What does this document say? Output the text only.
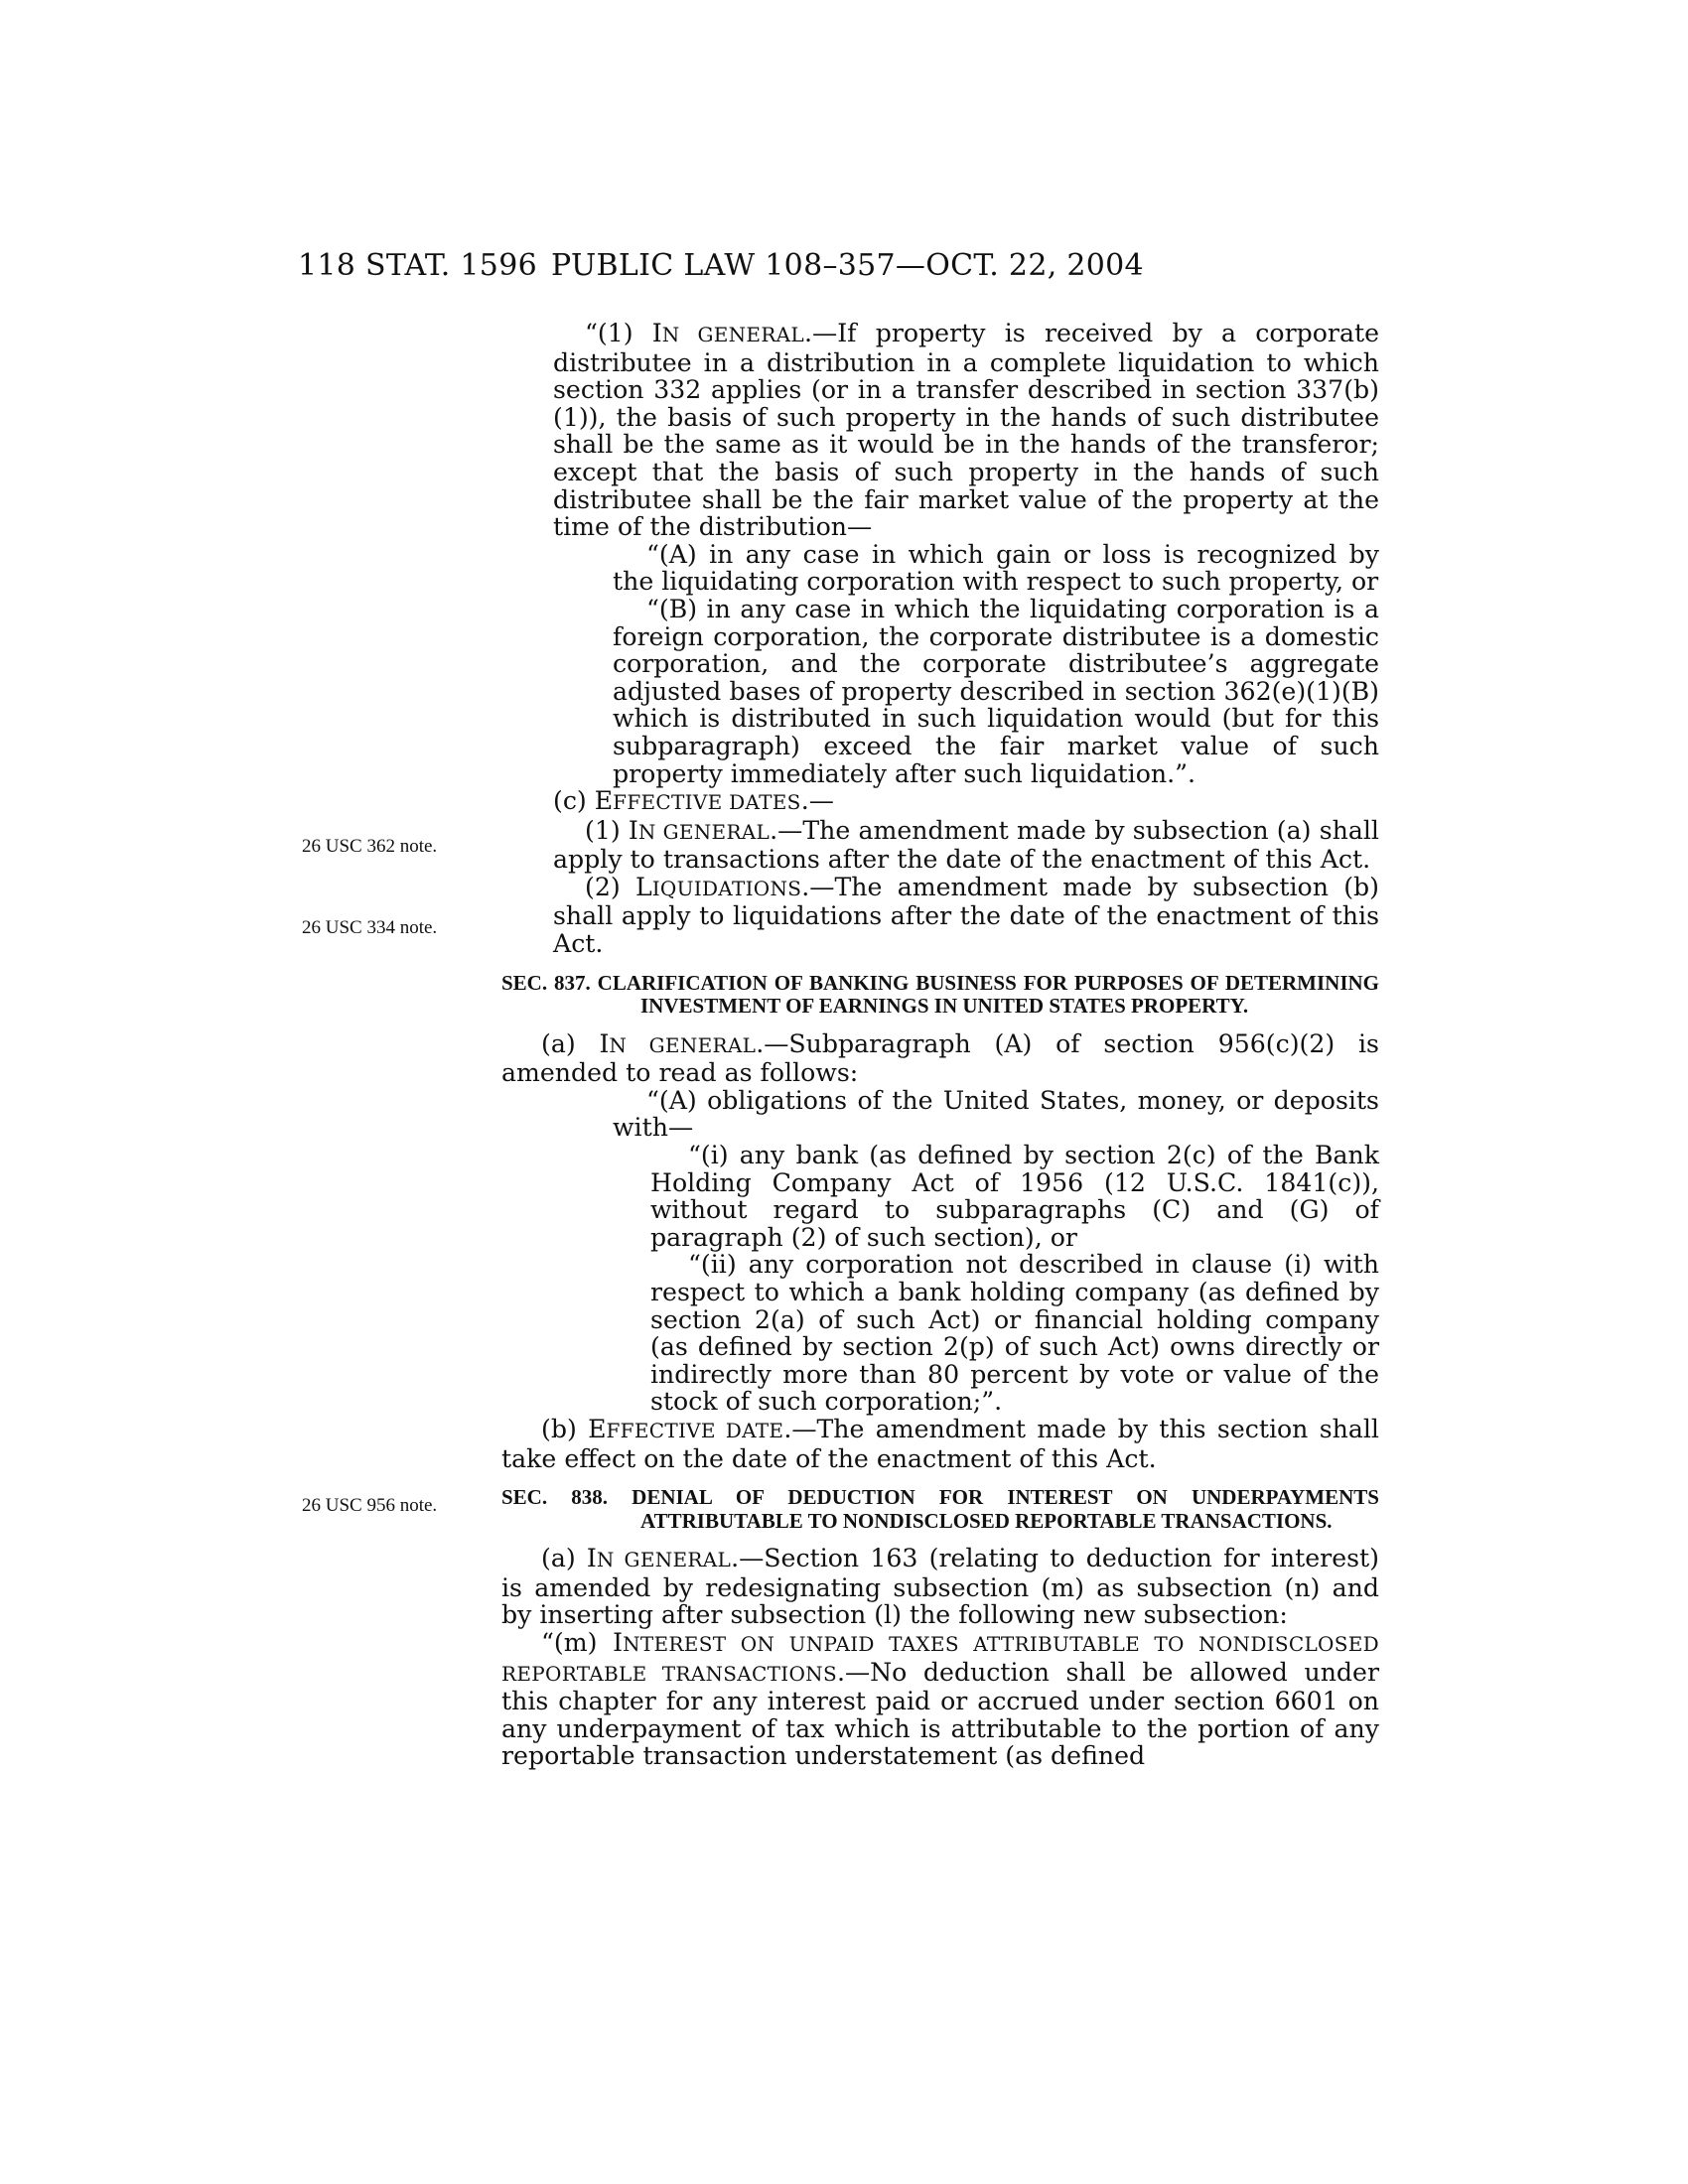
118 STAT. 1596 PUBLIC LAW 108–357—OCT. 22, 2004
26 USC 362 note.
26 USC 334 note.
26 USC 956 note.

“(1) IN GENERAL.—If property is received by a corporate distributee in a distribution in a complete liquidation to which section 332 applies (or in a transfer described in section 337(b)(1)), the basis of such property in the hands of such distributee shall be the same as it would be in the hands of the transferor; except that the basis of such property in the hands of such distributee shall be the fair market value of the property at the time of the distribution—

“(A) in any case in which gain or loss is recognized by the liquidating corporation with respect to such property, or

“(B) in any case in which the liquidating corporation is a foreign corporation, the corporate distributee is a domestic corporation, and the corporate distributee’s aggregate adjusted bases of property described in section 362(e)(1)(B) which is distributed in such liquidation would (but for this subparagraph) exceed the fair market value of such property immediately after such liquidation.”.

(c) EFFECTIVE DATES.—

(1) IN GENERAL.—The amendment made by subsection (a) shall apply to transactions after the date of the enactment of this Act.

(2) LIQUIDATIONS.—The amendment made by subsection (b) shall apply to liquidations after the date of the enactment of this Act.

SEC. 837. CLARIFICATION OF BANKING BUSINESS FOR PURPOSES OF DETERMINING INVESTMENT OF EARNINGS IN UNITED STATES PROPERTY.

(a) IN GENERAL.—Subparagraph (A) of section 956(c)(2) is amended to read as follows:

“(A) obligations of the United States, money, or deposits with—

“(i) any bank (as defined by section 2(c) of the Bank Holding Company Act of 1956 (12 U.S.C. 1841(c)), without regard to subparagraphs (C) and (G) of paragraph (2) of such section), or

“(ii) any corporation not described in clause (i) with respect to which a bank holding company (as defined by section 2(a) of such Act) or financial holding company (as defined by section 2(p) of such Act) owns directly or indirectly more than 80 percent by vote or value of the stock of such corporation;”.

(b) EFFECTIVE DATE.—The amendment made by this section shall take effect on the date of the enactment of this Act.

SEC. 838. DENIAL OF DEDUCTION FOR INTEREST ON UNDERPAYMENTS ATTRIBUTABLE TO NONDISCLOSED REPORTABLE TRANSACTIONS.

(a) IN GENERAL.—Section 163 (relating to deduction for interest) is amended by redesignating subsection (m) as subsection (n) and by inserting after subsection (l) the following new subsection:

“(m) INTEREST ON UNPAID TAXES ATTRIBUTABLE TO NONDISCLOSED REPORTABLE TRANSACTIONS.—No deduction shall be allowed under this chapter for any interest paid or accrued under section 6601 on any underpayment of tax which is attributable to the portion of any reportable transaction understatement (as defined
